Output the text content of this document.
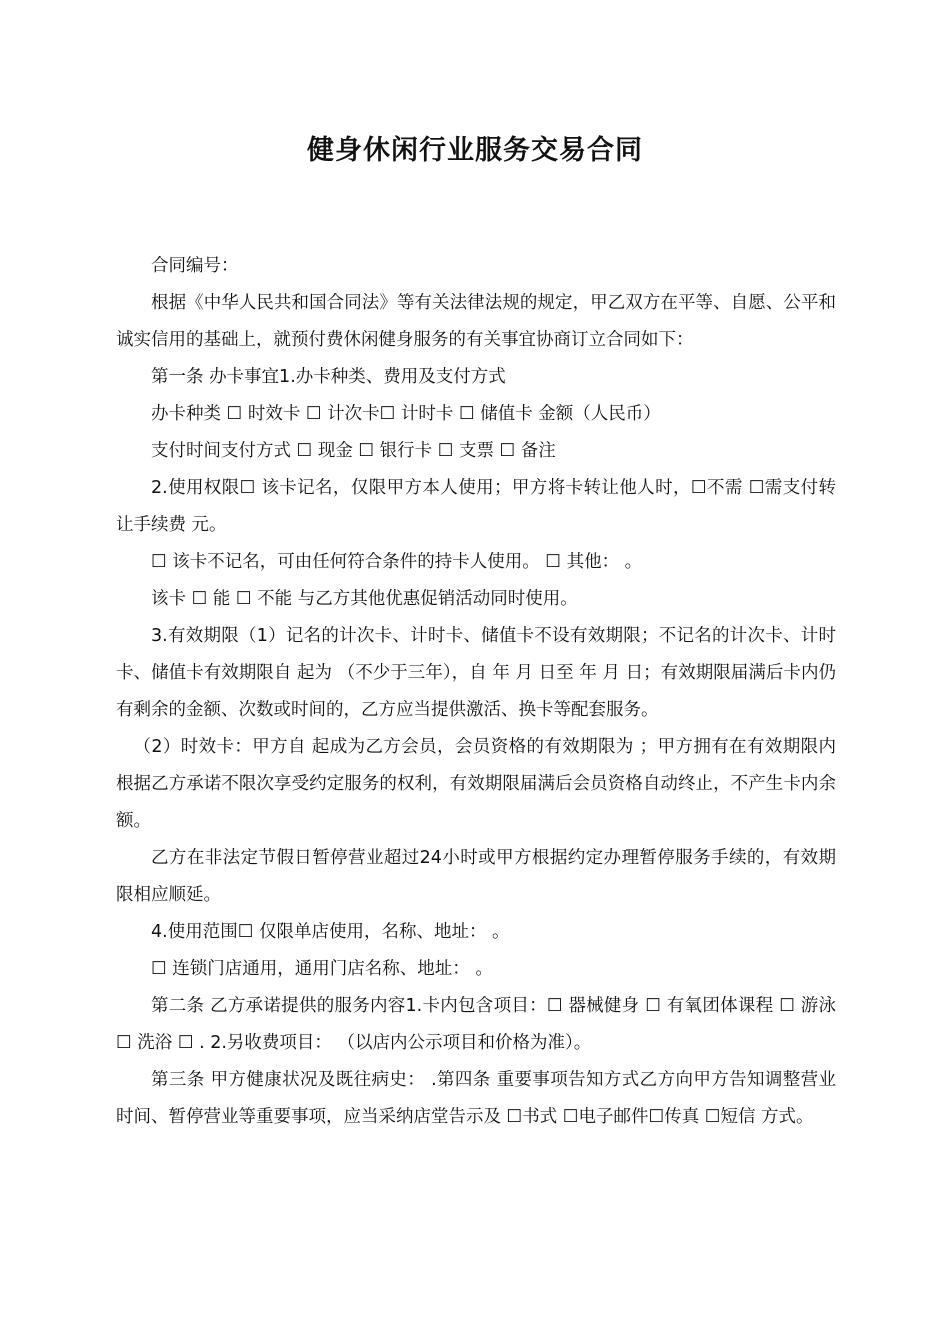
健身休闲行业服务交易合同

合同编号：

根据《中华人民共和国合同法》等有关法律法规的规定，甲乙双方在平等、自愿、公平和诚实信用的基础上，就预付费休闲健身服务的有关事宜协商订立合同如下：

第一条 办卡事宜1.办卡种类、费用及支付方式

办卡种类 ☐ 时效卡 ☐ 计次卡☐ 计时卡 ☐ 储值卡 金额（人民币）

支付时间支付方式 ☐ 现金 ☐ 银行卡 ☐ 支票 ☐ 备注

2.使用权限☐ 该卡记名，仅限甲方本人使用；甲方将卡转让他人时，☐不需 ☐需支付转让手续费 元。

☐ 该卡不记名，可由任何符合条件的持卡人使用。 ☐ 其他： 。

该卡 ☐ 能 ☐ 不能 与乙方其他优惠促销活动同时使用。

3.有效期限（1）记名的计次卡、计时卡、储值卡不设有效期限；不记名的计次卡、计时卡、储值卡有效期限自 起为 （不少于三年），自 年 月 日至 年 月 日；有效期限届满后卡内仍有剩余的金额、次数或时间的，乙方应当提供激活、换卡等配套服务。

（2）时效卡：甲方自 起成为乙方会员，会员资格的有效期限为 ；甲方拥有在有效期限内根据乙方承诺不限次享受约定服务的权利，有效期限届满后会员资格自动终止，不产生卡内余额。

乙方在非法定节假日暂停营业超过24小时或甲方根据约定办理暂停服务手续的，有效期限相应顺延。

4.使用范围☐ 仅限单店使用，名称、地址： 。

☐ 连锁门店通用，通用门店名称、地址： 。

第二条 乙方承诺提供的服务内容1.卡内包含项目：☐ 器械健身 ☐ 有氧团体课程 ☐ 游泳 ☐ 洗浴 ☐ . 2.另收费项目： （以店内公示项目和价格为准）。

第三条 甲方健康状况及既往病史： .第四条 重要事项告知方式乙方向甲方告知调整营业时间、暂停营业等重要事项，应当采纳店堂告示及 ☐书式 ☐电子邮件☐传真 ☐短信 方式。
